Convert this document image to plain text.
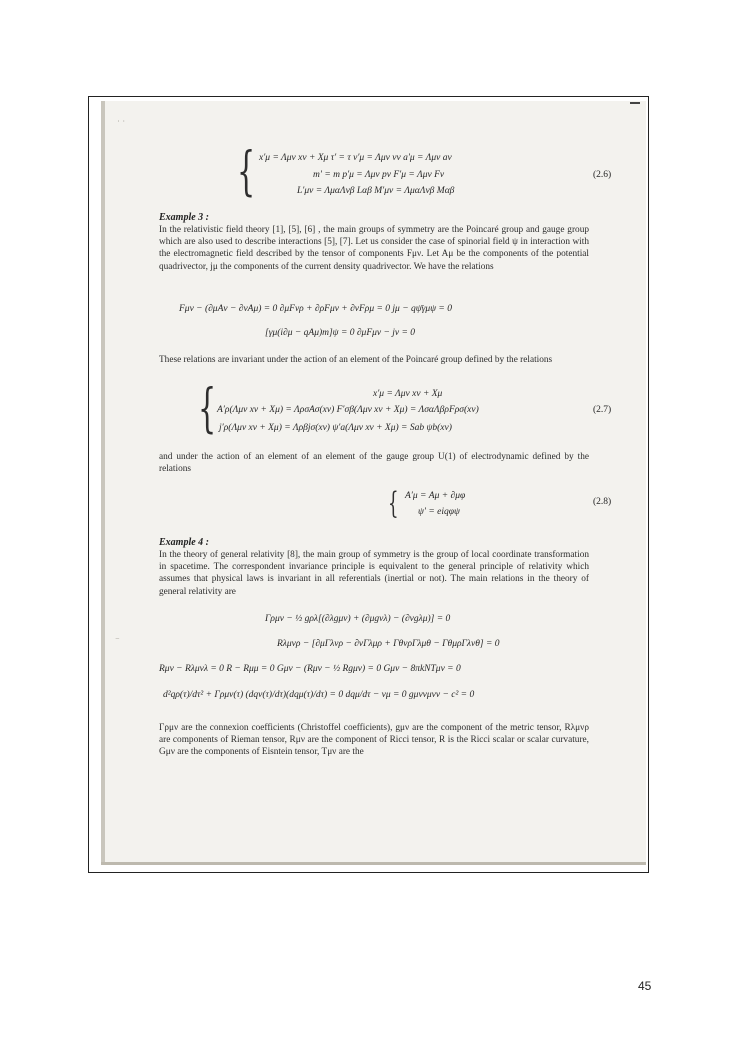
˙ ˙
⁻
{ x′μ = Λμν xν + Xμ τ′ = τ v′μ = Λμν vν a′μ = Λμν aν
m′ = m p′μ = Λμν pν F′μ = Λμν Fν
L′μν = ΛμαΛνβ Lαβ M′μν = ΛμαΛνβ Mαβ
(2.6)
Example 3 :
In the relativistic field theory [1], [5], [6] , the main groups of symmetry are the Poincaré group and gauge group which are also used to describe interactions [5], [7]. Let us consider the case of spinorial field ψ in interaction with the electromagnetic field described by the tensor of components Fμν. Let Aμ be the components of the potential quadrivector, jμ the components of the current density quadrivector. We have the relations
Fμν − (∂μAν − ∂νAμ) = 0 ∂μFνρ + ∂ρFμν + ∂νFρμ = 0 jμ − qψ̄γμψ = 0
[γμ(i∂μ − qAμ)m]ψ = 0 ∂μFμν − jν = 0
These relations are invariant under the action of an element of the Poincaré group defined by the relations
{	x′μ = Λμν xν + Xμ
A′ρ(Λμν xν + Xμ) = ΛρσAσ(xν) F′σβ(Λμν xν + Xμ) = ΛσαΛβρFρσ(xν)
j′ρ(Λμν xν + Xμ) = Λρβjσ(xν) ψ′a(Λμν xν + Xμ) = Sab ψb(xν)
(2.7)
and under the action of an element of an element of the gauge group U(1) of electrodynamic defined by the relations
{ A′μ = Aμ + ∂μφ
ψ′ = eiqφψ
(2.8)
Example 4 :
In the theory of general relativity [8], the main group of symmetry is the group of local coordinate transformation in spacetime. The correspondent invariance principle is equivalent to the general principle of relativity which assumes that physical laws is invariant in all referentials (inertial or not). The main relations in the theory of general relativity are
Γρμν − ½ gρλ[(∂λgμν) + (∂μgνλ) − (∂νgλμ)] = 0
Rλμνρ − [∂μΓλνρ − ∂νΓλμρ + ΓθνρΓλμθ − ΓθμρΓλνθ] = 0
Rμν − Rλμνλ = 0 R − Rμμ = 0 Gμν − (Rμν − ½ Rgμν) = 0 Gμν − 8πkNTμν = 0
d²qρ(τ)/dτ² + Γρμν(τ) (dqν(τ)/dτ)(dqμ(τ)/dτ) = 0 dqμ/dτ − vμ = 0 gμνvμvν − c² = 0
Γρμν are the connexion coefficients (Christoffel coefficients), gμν are the component of the metric tensor, Rλμνρ are components of Rieman tensor, Rμν are the component of Ricci tensor, R is the Ricci scalar or scalar curvature, Gμν are the components of Eisntein tensor, Tμν are the
45
